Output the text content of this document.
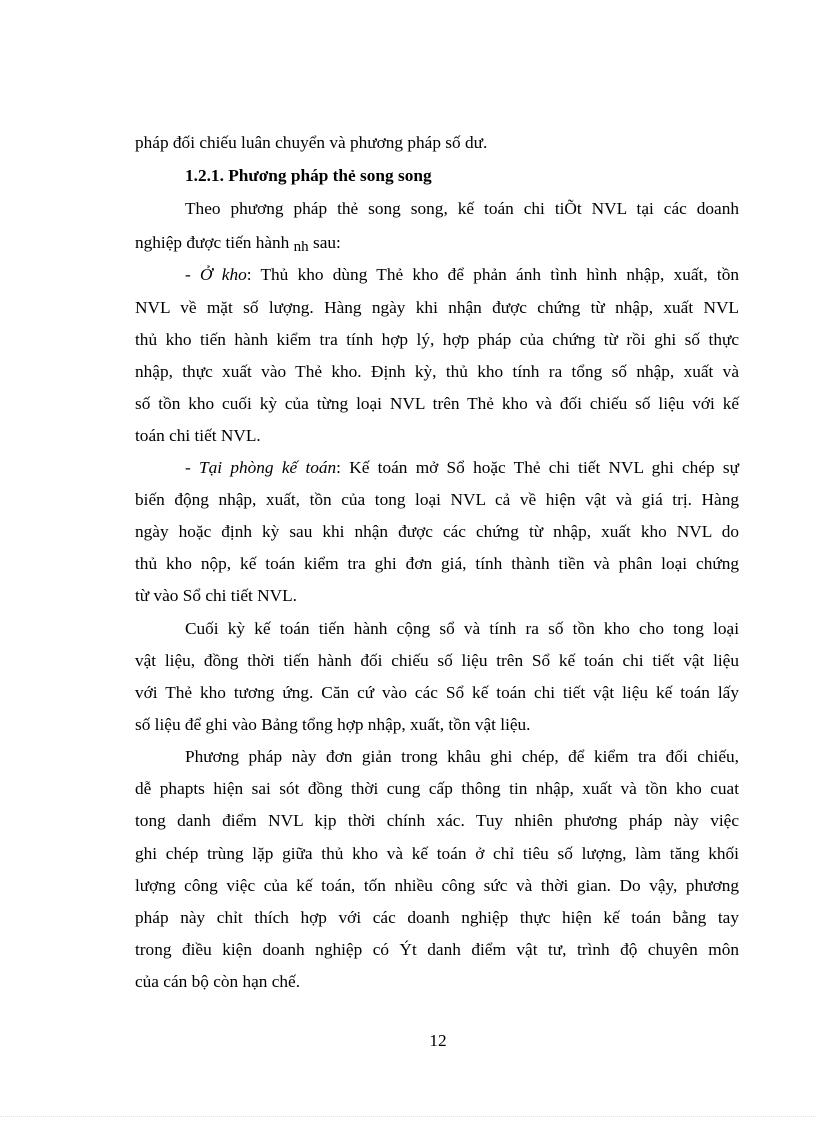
pháp đối chiếu luân chuyển và phương pháp số dư.
1.2.1. Phương pháp thẻ song song
Theo phương pháp thẻ song song, kế toán chi tiÕt NVL tại các doanh
nghiệp được tiến hành nh sau:
- Ở kho: Thủ kho dùng Thẻ kho để phản ánh tình hình nhập, xuất, tồn
NVL về mặt số lượng. Hàng ngày khi nhận được chứng từ nhập, xuất NVL
thủ kho tiến hành kiểm tra tính hợp lý, hợp pháp của chứng từ rồi ghi số thực
nhập, thực xuất vào Thẻ kho. Định kỳ, thủ kho tính ra tổng số nhập, xuất và
số tồn kho cuối kỳ của từng loại NVL trên Thẻ kho và đối chiếu số liệu với kế
toán chi tiết NVL.
- Tại phòng kế toán: Kế toán mở Sổ hoặc Thẻ chi tiết NVL ghi chép sự
biến động nhập, xuất, tồn của tong loại NVL cả về hiện vật và giá trị. Hàng
ngày hoặc định kỳ sau khi nhận được các chứng từ nhập, xuất kho NVL do
thủ kho nộp, kế toán kiểm tra ghi đơn giá, tính thành tiền và phân loại chứng
từ vào Sổ chi tiết NVL.
Cuối kỳ kế toán tiến hành cộng sổ và tính ra số tồn kho cho tong loại
vật liệu, đồng thời tiến hành đối chiếu số liệu trên Sổ kế toán chi tiết vật liệu
với Thẻ kho tương ứng. Căn cứ vào các Sổ kế toán chi tiết vật liệu kế toán lấy
số liệu để ghi vào Bảng tổng hợp nhập, xuất, tồn vật liệu.
Phương pháp này đơn giản trong khâu ghi chép, để kiểm tra đối chiếu,
dễ phapts hiện sai sót đồng thời cung cấp thông tin nhập, xuất và tồn kho cuat
tong danh điểm NVL kịp thời chính xác. Tuy nhiên phương pháp này việc
ghi chép trùng lặp giữa thủ kho và kế toán ở chỉ tiêu số lượng, làm tăng khối
lượng công việc của kế toán, tốn nhiều công sức và thời gian. Do vậy, phương
pháp này chỉt thích hợp với các doanh nghiệp thực hiện kế toán bằng tay
trong điều kiện doanh nghiệp có Ýt danh điểm vật tư, trình độ chuyên môn
của cán bộ còn hạn chế.
12
